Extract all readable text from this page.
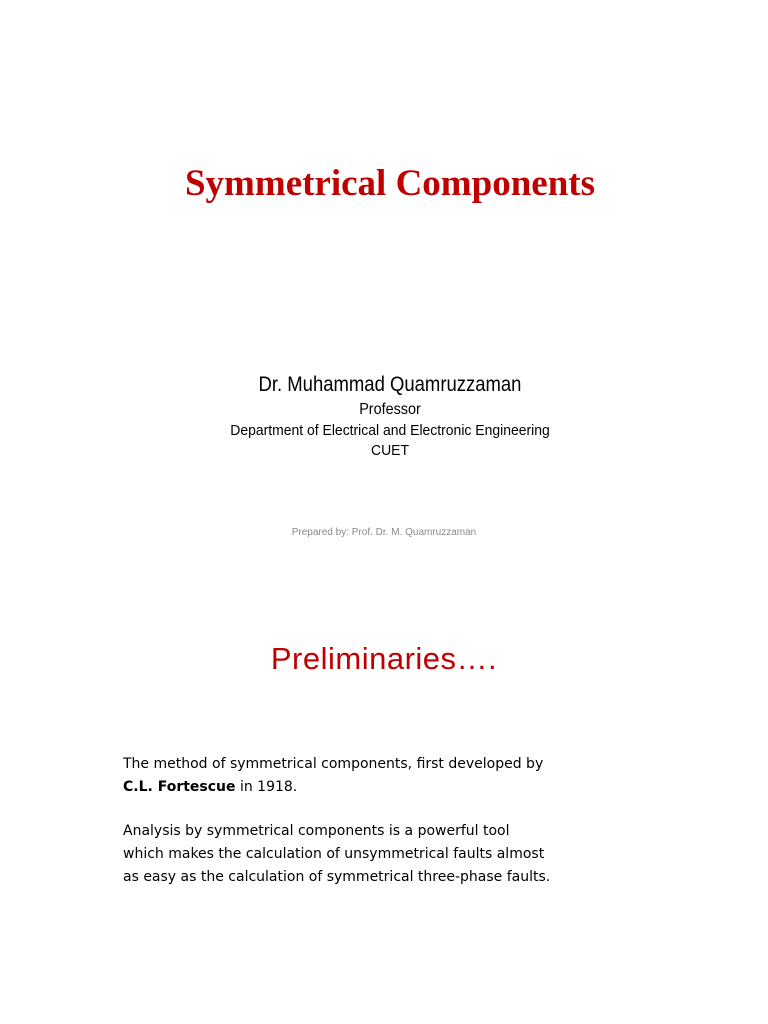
Symmetrical Components
Dr. Muhammad Quamruzzaman
Professor
Department of Electrical and Electronic Engineering
CUET
Prepared by: Prof. Dr. M. Quamruzzaman
Preliminaries….

The method of symmetrical components, first developed by

C.L. Fortescue in 1918.

Analysis by symmetrical components is a powerful tool

which makes the calculation of unsymmetrical faults almost

as easy as the calculation of symmetrical three-phase faults.
